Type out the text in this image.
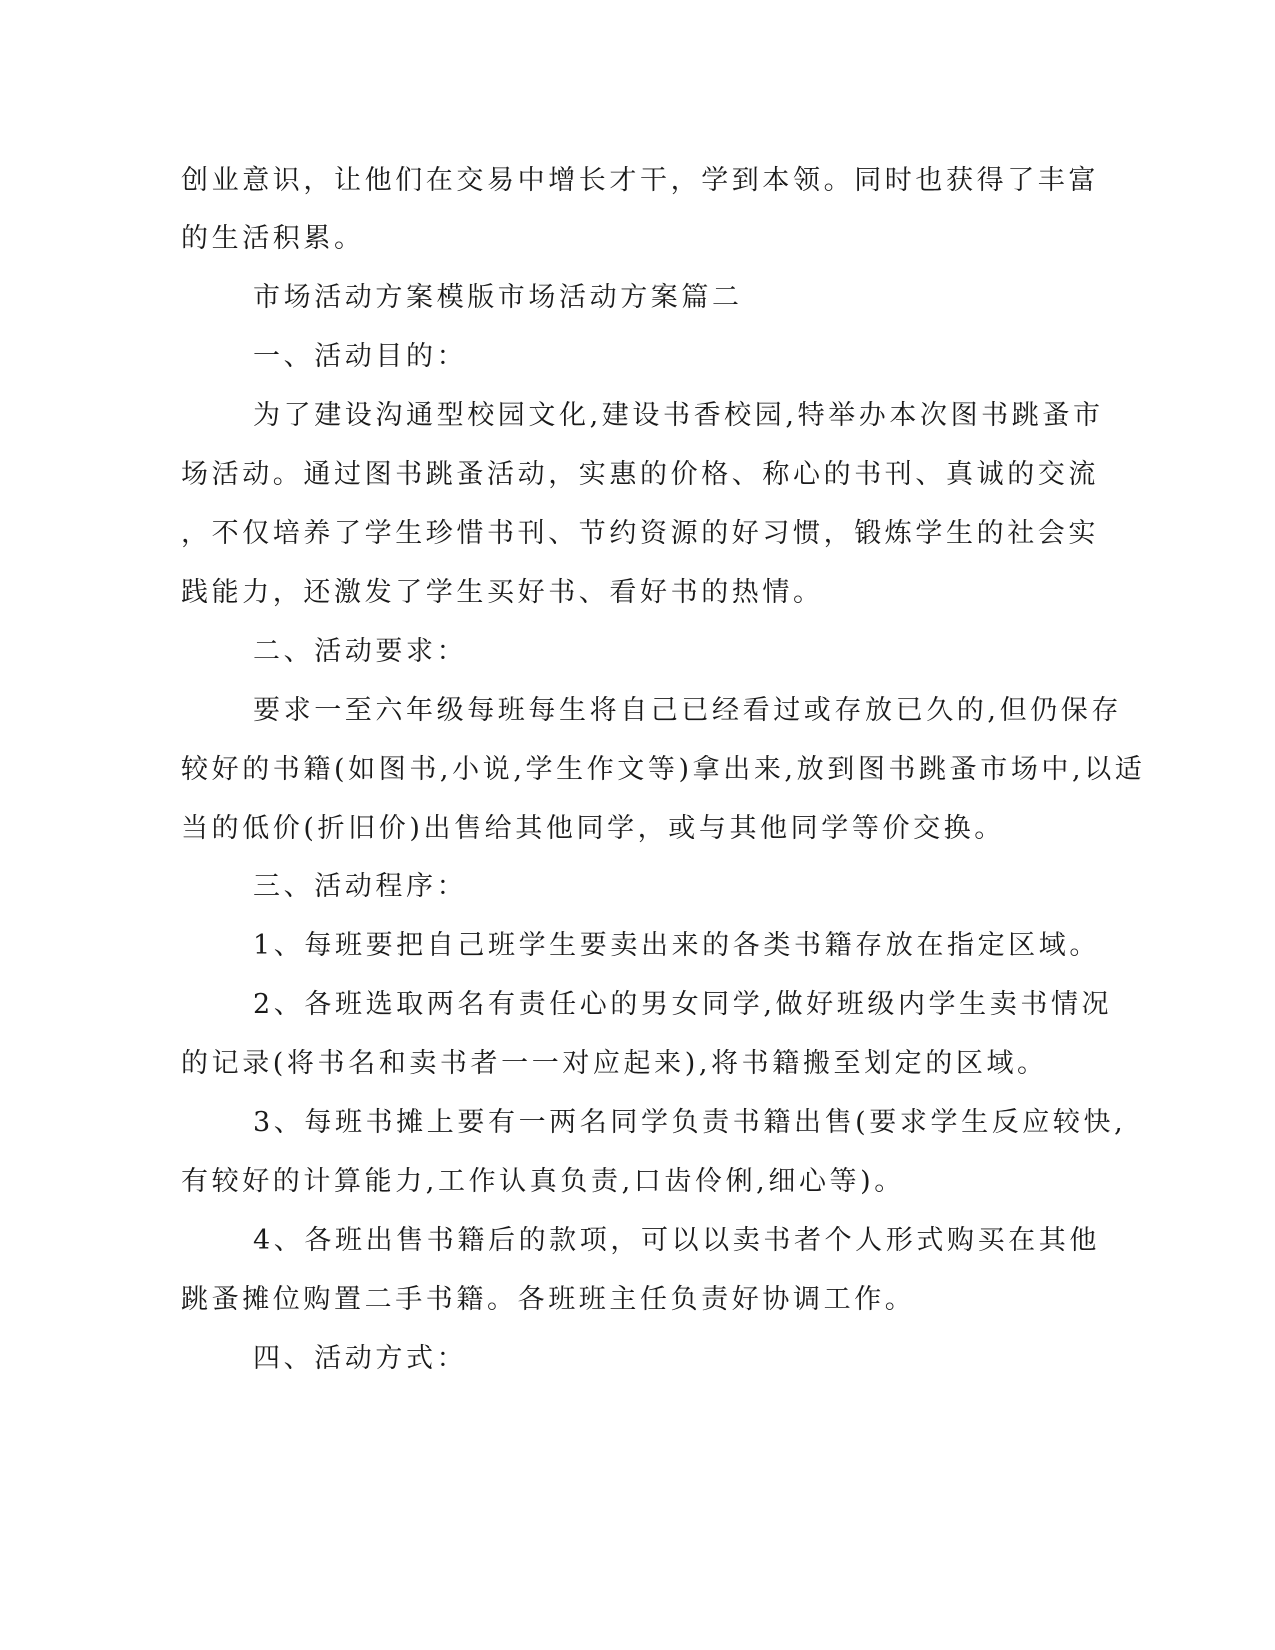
创业意识，让他们在交易中增长才干，学到本领。同时也获得了丰富
的生活积累。
市场活动方案模版市场活动方案篇二
一、活动目的：
为了建设沟通型校园文化,建设书香校园,特举办本次图书跳蚤市
场活动。通过图书跳蚤活动，实惠的价格、称心的书刊、真诚的交流
，不仅培养了学生珍惜书刊、节约资源的好习惯，锻炼学生的社会实
践能力，还激发了学生买好书、看好书的热情。
二、活动要求：
要求一至六年级每班每生将自己已经看过或存放已久的,但仍保存
较好的书籍(如图书,小说,学生作文等)拿出来,放到图书跳蚤市场中,以适
当的低价(折旧价)出售给其他同学，或与其他同学等价交换。
三、活动程序：
1、每班要把自己班学生要卖出来的各类书籍存放在指定区域。
2、各班选取两名有责任心的男女同学,做好班级内学生卖书情况
的记录(将书名和卖书者一一对应起来),将书籍搬至划定的区域。
3、每班书摊上要有一两名同学负责书籍出售(要求学生反应较快,
有较好的计算能力,工作认真负责,口齿伶俐,细心等)。
4、各班出售书籍后的款项，可以以卖书者个人形式购买在其他
跳蚤摊位购置二手书籍。各班班主任负责好协调工作。
四、活动方式：
